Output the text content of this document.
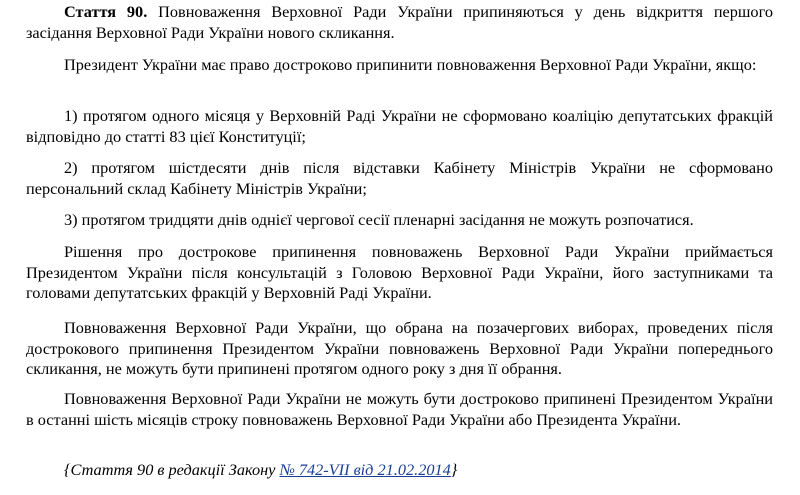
Стаття 90. Повноваження Верховної Ради України припиняються у день відкриття першого засідання Верховної Ради України нового скликання.

Президент України має право достроково припинити повноваження Верховної Ради України, якщо:

1) протягом одного місяця у Верховній Раді України не сформовано коаліцію депутатських фракцій відповідно до статті 83 цієї Конституції;

2) протягом шістдесяти днів після відставки Кабінету Міністрів України не сформовано персональний склад Кабінету Міністрів України;

3) протягом тридцяти днів однієї чергової сесії пленарні засідання не можуть розпочатися.

Рішення про дострокове припинення повноважень Верховної Ради України приймається Президентом України після консультацій з Головою Верховної Ради України, його заступниками та головами депутатських фракцій у Верховній Раді України.

Повноваження Верховної Ради України, що обрана на позачергових виборах, проведених після дострокового припинення Президентом України повноважень Верховної Ради України попереднього скликання, не можуть бути припинені протягом одного року з дня її обрання.

Повноваження Верховної Ради України не можуть бути достроково припинені Президентом України в останні шість місяців строку повноважень Верховної Ради України або Президента України.

{Стаття 90 в редакції Закону № 742-VII від 21.02.2014}
